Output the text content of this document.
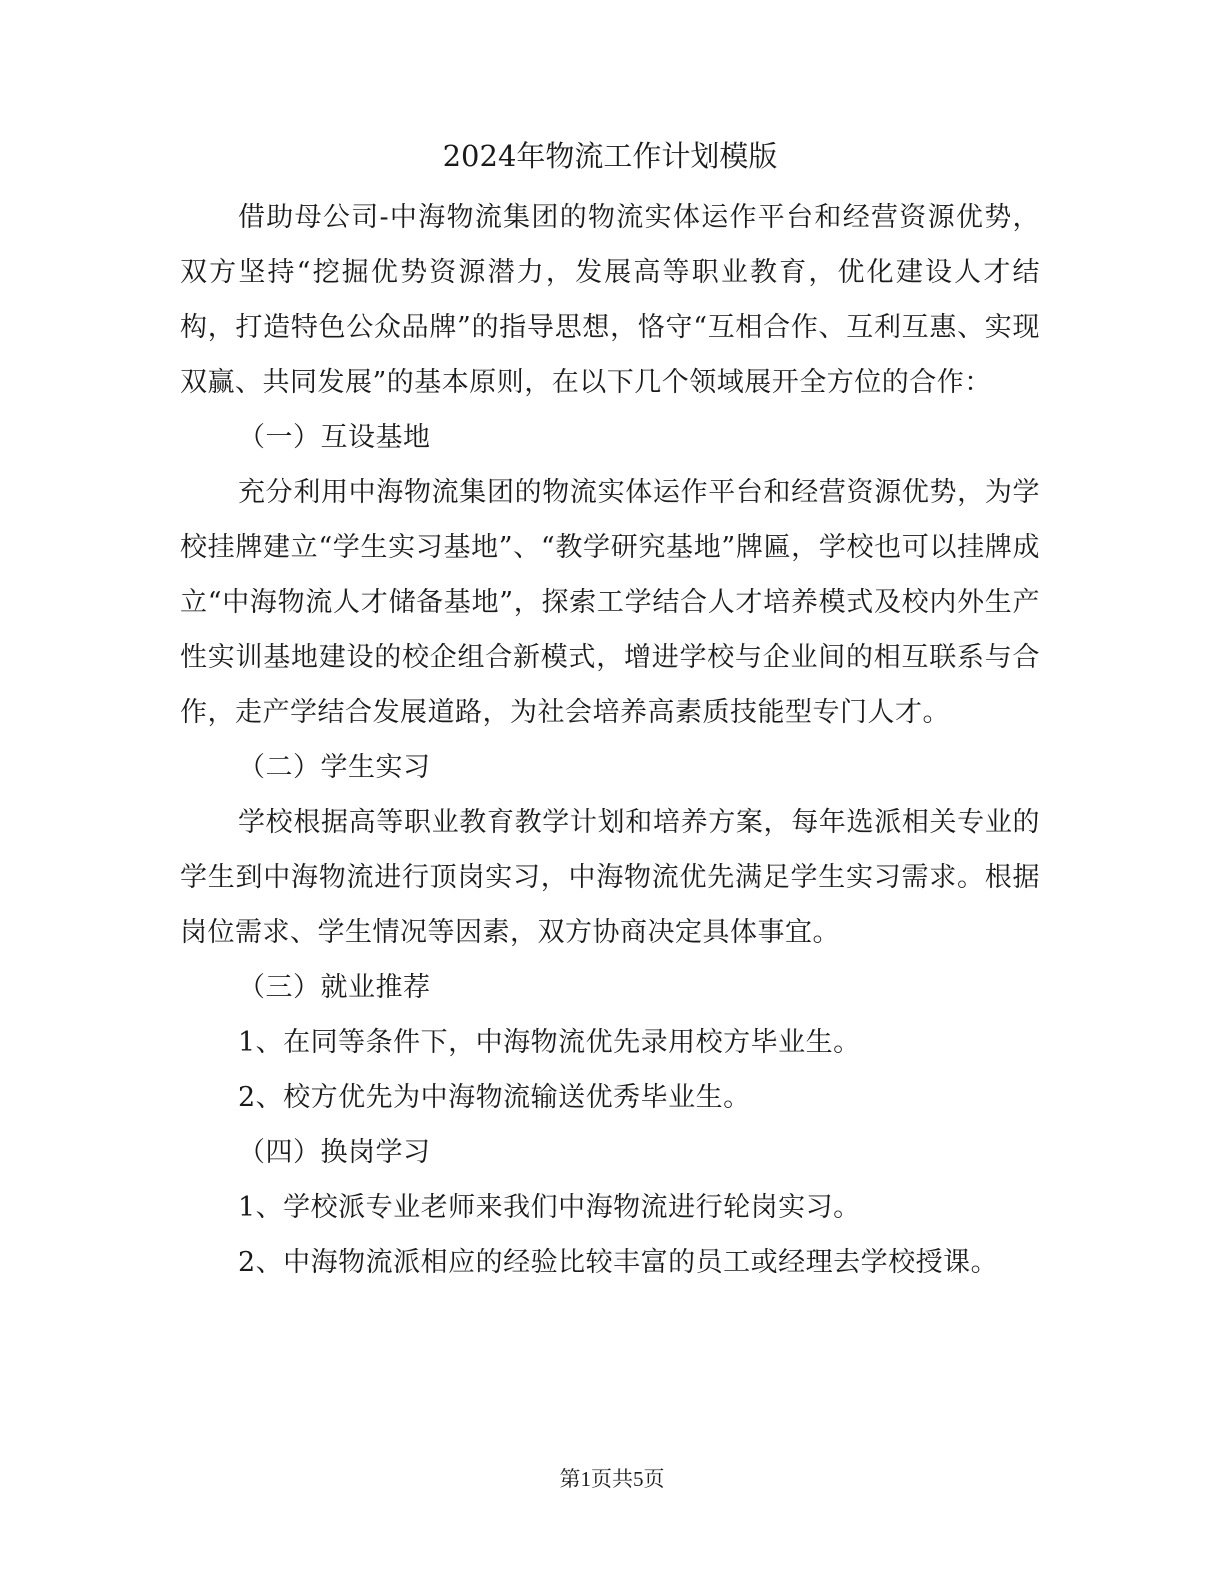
2024年物流工作计划模版

借助母公司-中海物流集团的物流实体运作平台和经营资源优势，双方坚持“挖掘优势资源潜力，发展高等职业教育，优化建设人才结构，打造特色公众品牌”的指导思想，恪守“互相合作、互利互惠、实现双赢、共同发展”的基本原则，在以下几个领域展开全方位的合作：

（一）互设基地

充分利用中海物流集团的物流实体运作平台和经营资源优势，为学校挂牌建立“学生实习基地”、“教学研究基地”牌匾，学校也可以挂牌成立“中海物流人才储备基地”，探索工学结合人才培养模式及校内外生产性实训基地建设的校企组合新模式，增进学校与企业间的相互联系与合作，走产学结合发展道路，为社会培养高素质技能型专门人才。

（二）学生实习

学校根据高等职业教育教学计划和培养方案，每年选派相关专业的学生到中海物流进行顶岗实习，中海物流优先满足学生实习需求。根据岗位需求、学生情况等因素，双方协商决定具体事宜。

（三）就业推荐

1、在同等条件下，中海物流优先录用校方毕业生。

2、校方优先为中海物流输送优秀毕业生。

（四）换岗学习

1、学校派专业老师来我们中海物流进行轮岗实习。

2、中海物流派相应的经验比较丰富的员工或经理去学校授课。

第1页共5页
